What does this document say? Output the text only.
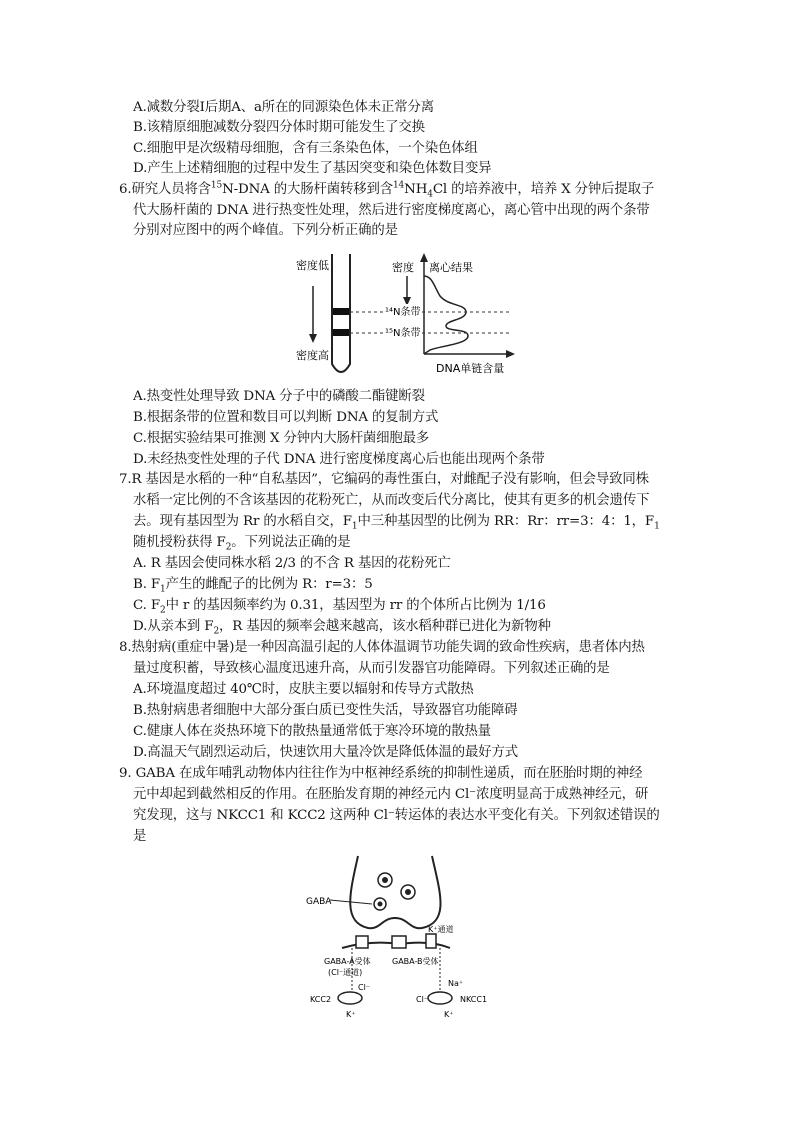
A.减数分裂Ⅰ后期A、a所在的同源染色体未正常分离
B.该精原细胞减数分裂四分体时期可能发生了交换
C.细胞甲是次级精母细胞，含有三条染色体，一个染色体组
D.产生上述精细胞的过程中发生了基因突变和染色体数目变异
6.研究人员将含$^{15}$N-DNA 的大肠杆菌转移到含$^{14}NH_4Cl$ 的培养液中，培养 X 分钟后提取子
代大肠杆菌的 DNA 进行热变性处理，然后进行密度梯度离心，离心管中出现的两个条带
分别对应图中的两个峰值。下列分析正确的是
密度低
密度高
密度 离心结果
¹⁴N条带
¹⁵N条带
DNA单链含量
A.热变性处理导致 DNA 分子中的磷酸二酯键断裂
B.根据条带的位置和数目可以判断 DNA 的复制方式
C.根据实验结果可推测 X 分钟内大肠杆菌细胞最多
D.未经热变性处理的子代 DNA 进行密度梯度离心后也能出现两个条带
7.R 基因是水稻的一种“自私基因”，它编码的毒性蛋白，对雌配子没有影响，但会导致同株
水稻一定比例的不含该基因的花粉死亡，从而改变后代分离比，使其有更多的机会遗传下
去。现有基因型为 Rr 的水稻自交，$F_1$中三种基因型的比例为 RR：Rr：rr=3：4：1，$F_1$
随机授粉获得 $F_2$。下列说法正确的是
A. R 基因会使同株水稻 2/3 的不含 R 基因的花粉死亡
B. $F_1$产生的雌配子的比例为 R：r=3：5
C. $F_2$中 r 的基因频率约为 0.31，基因型为 rr 的个体所占比例为 1/16
D.从亲本到 $F_2$，R 基因的频率会越来越高，该水稻种群已进化为新物种
8.热射病(重症中暑)是一种因高温引起的人体体温调节功能失调的致命性疾病，患者体内热
量过度积蓄，导致核心温度迅速升高，从而引发器官功能障碍。下列叙述正确的是
A.环境温度超过 40℃时，皮肤主要以辐射和传导方式散热
B.热射病患者细胞中大部分蛋白质已变性失活，导致器官功能障碍
C.健康人体在炎热环境下的散热量通常低于寒冷环境的散热量
D.高温天气剧烈运动后，快速饮用大量冷饮是降低体温的最好方式
9. GABA 在成年哺乳动物体内往往作为中枢神经系统的抑制性递质，而在胚胎时期的神经
元中却起到截然相反的作用。在胚胎发育期的神经元内 Cl⁻浓度明显高于成熟神经元，研
究发现，这与 NKCC1 和 KCC2 这两种 Cl⁻转运体的表达水平变化有关。下列叙述错误的
是
GABA
K⁺通道
GABA-A受体
(Cl⁻通道)
GABA-B受体
KCC2	NKCC1
Cl⁻
K⁺
Cl⁻
Na⁺
K⁺
